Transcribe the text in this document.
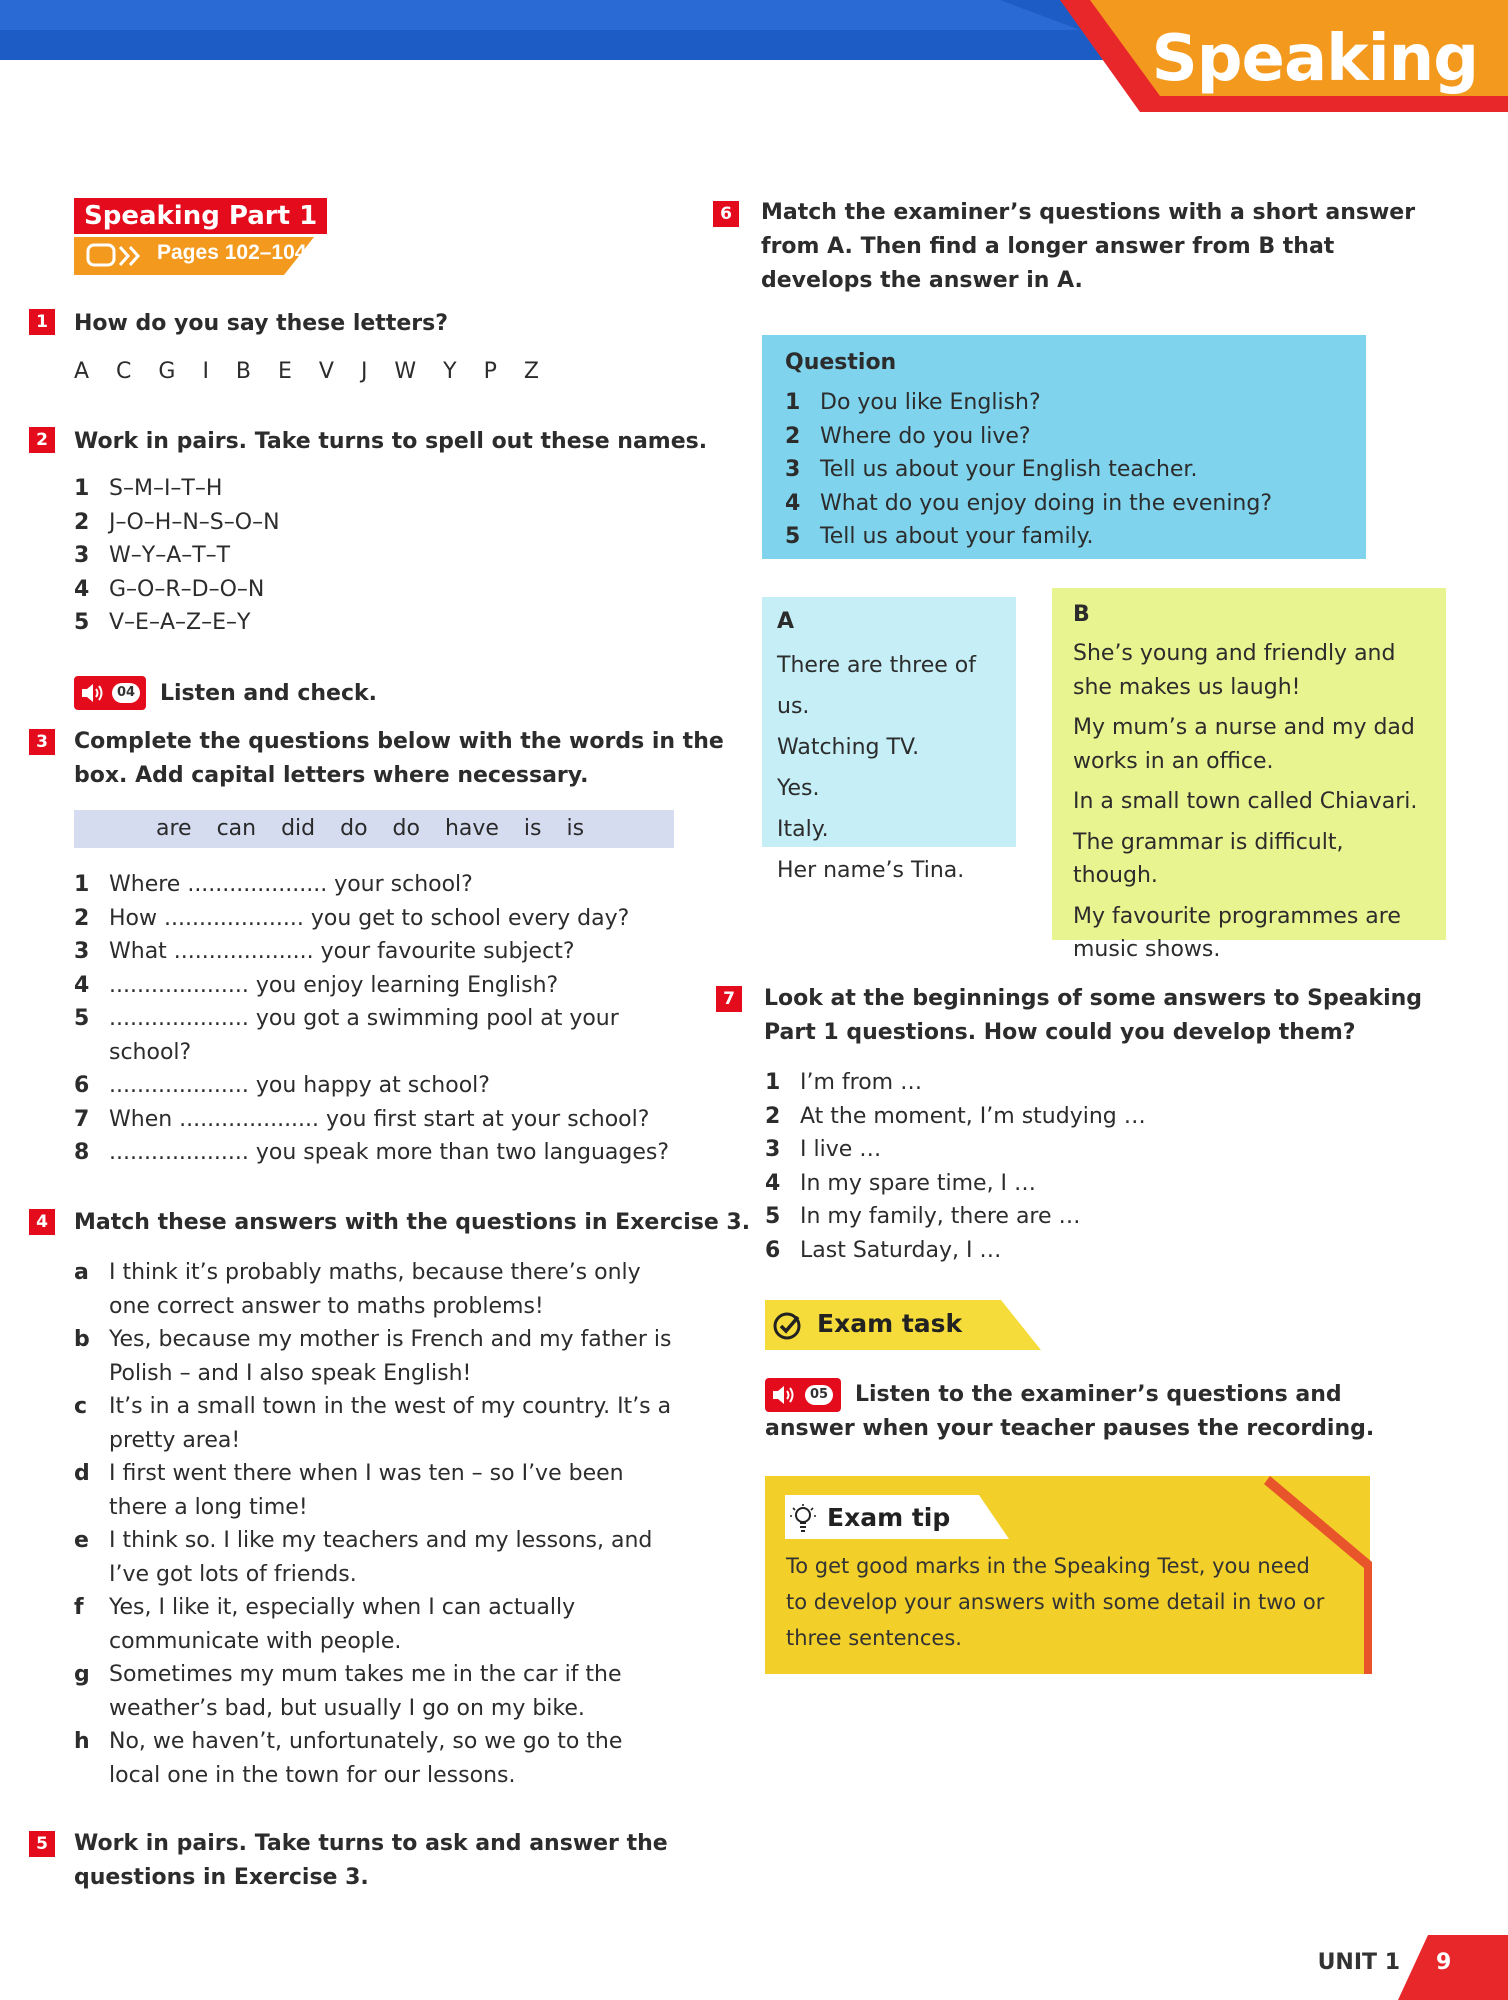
Speaking
Speaking Part 1
Pages 102–104
1	How do you say these letters?
A C G I B E V J W Y P Z
2	Work in pairs. Take turns to spell out these names.
1 S–M–I–T–H
2 J–O–H–N–S–O–N
3 W–Y–A–T–T
4 G–O–R–D–O–N
5 V–E–A–Z–E–Y
04 Listen and check.
3	Complete the questions below with the words in the
box. Add capital letters where necessary.
are can did do do have is is
1 Where .................... your school?
2 How .................... you get to school every day?
3 What .................... your favourite subject?
4 .................... you enjoy learning English?
5 .................... you got a swimming pool at your school?
6 .................... you happy at school?
7 When .................... you first start at your school?
8 .................... you speak more than two languages?
4	Match these answers with the questions in Exercise 3.
a I think it’s probably maths, because there’s only one correct answer to maths problems!
b Yes, because my mother is French and my father is Polish – and I also speak English!
c It’s in a small town in the west of my country. It’s a pretty area!
d I first went there when I was ten – so I’ve been there a long time!
e I think so. I like my teachers and my lessons, and I’ve got lots of friends.
f Yes, I like it, especially when I can actually communicate with people.
g Sometimes my mum takes me in the car if the weather’s bad, but usually I go on my bike.
h No, we haven’t, unfortunately, so we go to the local one in the town for our lessons.
5	Work in pairs. Take turns to ask and answer the
questions in Exercise 3.
6	Match the examiner’s questions with a short answer
from A. Then find a longer answer from B that
develops the answer in A.
Question
1 Do you like English?
2 Where do you live?
3 Tell us about your English teacher.
4 What do you enjoy doing in the evening?
5 Tell us about your family.
A
There are three of us.
Watching TV.
Yes.
Italy.
Her name’s Tina.
B
She’s young and friendly and she makes us laugh!
My mum’s a nurse and my dad works in an office.
In a small town called Chiavari.
The grammar is difficult, though.
My favourite programmes are music shows.
7	Look at the beginnings of some answers to Speaking
Part 1 questions. How could you develop them?
1 I’m from …
2 At the moment, I’m studying …
3 I live …
4 In my spare time, I …
5 In my family, there are …
6 Last Saturday, I …
Exam task
05 Listen to the examiner’s questions and
answer when your teacher pauses the recording.
Exam tip
To get good marks in the Speaking Test, you need to develop your answers with some detail in two or three sentences.
UNIT 1 9
